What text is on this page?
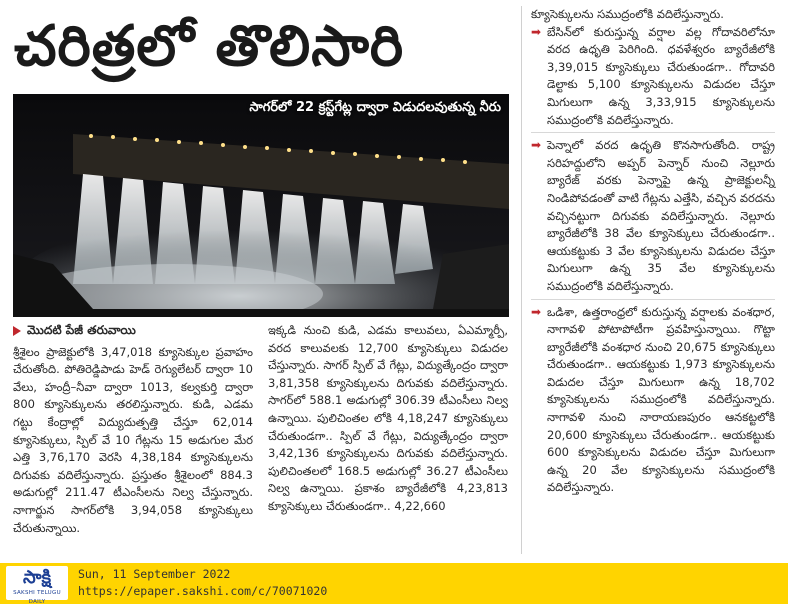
చరిత్రలో తొలిసారి
సాగర్‌లో 22 క్రస్ట్‌గేట్ల ద్వారా విడుదలవుతున్న నీరు
మొదటి పేజీ తరువాయి

శ్రీశైలం ప్రాజెక్టులోకి 3,47,018 క్యూసెక్కుల ప్రవాహం చేరుతోంది. పోతిరెడ్డిపాడు హెడ్‌ రెగ్యులేటర్‌ ద్వారా 10 వేలు, హంద్రీ–నీవా ద్వారా 1013, కల్వకుర్తి ద్వారా 800 క్యూసెక్కులను తరలిస్తున్నారు. కుడి, ఎడమ గట్టు కేంద్రాల్లో విద్యుదుత్పత్తి చేస్తూ 62,014 క్యూసెక్కులు, స్పిల్‌ వే 10 గేట్లను 15 అడుగుల మేర ఎత్తి 3,76,170 వెరసి 4,38,184 క్యూసెక్కులను దిగువకు వదిలేస్తున్నారు. ప్రస్తుతం శ్రీశైలంలో 884.3 అడుగుల్లో 211.47 టీఎంసీలను నిల్వ చేస్తున్నారు. నాగార్జున సాగర్‌లోకి 3,94,058 క్యూసెక్కులు చేరుతున్నాయి.

ఇక్కడి నుంచి కుడి, ఎడమ కాలువలు, ఏఎమ్మార్పీ, వరద కాలువలకు 12,700 క్యూసెక్కులు విడుదల చేస్తున్నారు. సాగర్‌ స్పిల్‌ వే గేట్లు, విద్యుత్కేంద్రం ద్వారా 3,81,358 క్యూసెక్కులను దిగువకు వదిలేస్తున్నారు. సాగర్‌లో 588.1 అడుగుల్లో 306.39 టీఎంసీలు నిల్వ ఉన్నాయి. పులిచింతల లోకి 4,18,247 క్యూసెక్కులు చేరుతుండగా.. స్పిల్‌ వే గేట్లు, విద్యుత్కేంద్రం ద్వారా 3,42,136 క్యూసెక్కులను దిగువకు వదిలేస్తున్నారు. పులిచింతలలో 168.5 అడుగుల్లో 36.27 టీఎంసీలు నిల్వ ఉన్నాయి. ప్రకాశం బ్యారేజీలోకి 4,23,813 క్యూసెక్కులు చేరుతుండగా.. 4,22,660

క్యూసెక్కులను సముద్రంలోకి వదిలేస్తున్నారు.

➡ బేసిన్‌లో కురుస్తున్న వర్షాల వల్ల గోదావరిలోనూ వరద ఉధృతి పెరిగింది. ధవళేశ్వరం బ్యారేజీలోకి 3,39,015 క్యూసెక్కులు చేరుతుండగా.. గోదావరి డెల్టాకు 5,100 క్యూసెక్కులను విడుదల చేస్తూ మిగులుగా ఉన్న 3,33,915 క్యూసెక్కులను సముద్రంలోకి వదిలేస్తున్నారు.

➡ పెన్నాలో వరద ఉధృతి కొనసాగుతోంది. రాష్ట్ర సరిహద్దులోని అప్పర్‌ పెన్నార్‌ నుంచి నెల్లూరు బ్యారేజ్‌ వరకు పెన్నాపై ఉన్న ప్రాజెక్టులన్నీ నిండిపోవడంతో వాటి గేట్లను ఎత్తేసి, వచ్చిన వరదను వచ్చినట్టుగా దిగువకు వదిలేస్తున్నారు. నెల్లూరు బ్యారేజీలోకి 38 వేల క్యూసెక్కులు చేరుతుండగా.. ఆయకట్టుకు 3 వేల క్యూసెక్కులను విడుదల చేస్తూ మిగులుగా ఉన్న 35 వేల క్యూసెక్కులను సముద్రంలోకి వదిలేస్తున్నారు.

➡ ఒడిశా, ఉత్తరాంధ్రలో కురుస్తున్న వర్షాలకు వంశధార, నాగావళి పోటాపోటీగా ప్రవహిస్తున్నాయి. గొట్టా బ్యారేజీలోకి వంశధార నుంచి 20,675 క్యూసెక్కులు చేరుతుండగా.. ఆయకట్టుకు 1,973 క్యూసెక్కులను విడుదల చేస్తూ మిగులుగా ఉన్న 18,702 క్యూసెక్కులను సముద్రంలోకి వదిలేస్తున్నారు. నాగావళి నుంచి నారాయణపురం ఆనకట్టలోకి 20,600 క్యూసెక్కులు చేరుతుండగా.. ఆయకట్టుకు 600 క్యూసెక్కులను విడుదల చేస్తూ మిగులుగా ఉన్న 20 వేల క్యూసెక్కులను సముద్రంలోకి వదిలేస్తున్నారు.

సాక్షి
SAKSHI TELUGU DAILY
Sun, 11 September 2022
https://epaper.sakshi.com/c/70071020
